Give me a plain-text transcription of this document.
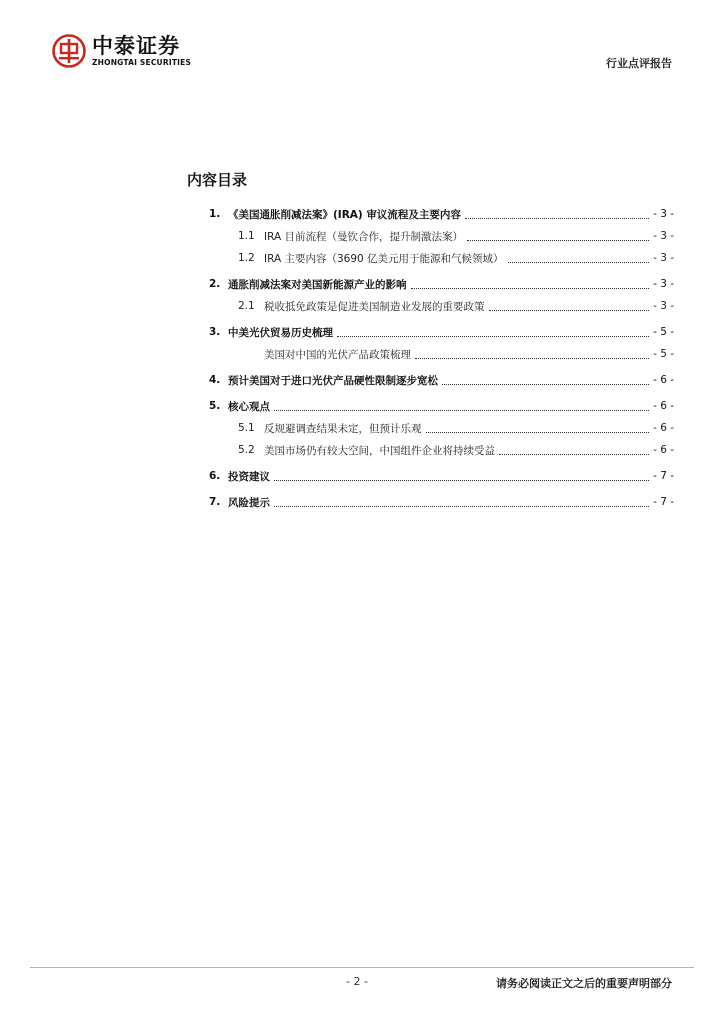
中泰证券
ZHONGTAI SECURITIES	行业点评报告
内容目录
1. 《美国通胀削减法案》(IRA) 审议流程及主要内容	- 3 -
1.1 IRA 目前流程（曼钦合作，提升制激法案）	- 3 -
1.2 IRA 主要内容（3690 亿美元用于能源和气候领域）	- 3 -
2. 通胀削减法案对美国新能源产业的影响	- 3 -
2.1 税收抵免政策是促进美国制造业发展的重要政策	- 3 -
3. 中美光伏贸易历史梳理	- 5 -
美国对中国的光伏产品政策梳理	- 5 -
4. 预计美国对于进口光伏产品硬性限制逐步宽松	- 6 -
5. 核心观点	- 6 -
5.1 反规避调查结果未定，但预计乐观	- 6 -
5.2 美国市场仍有较大空间，中国组件企业将持续受益	- 6 -
6. 投资建议	- 7 -
7. 风险提示	- 7 -
- 2 -	请务必阅读正文之后的重要声明部分
